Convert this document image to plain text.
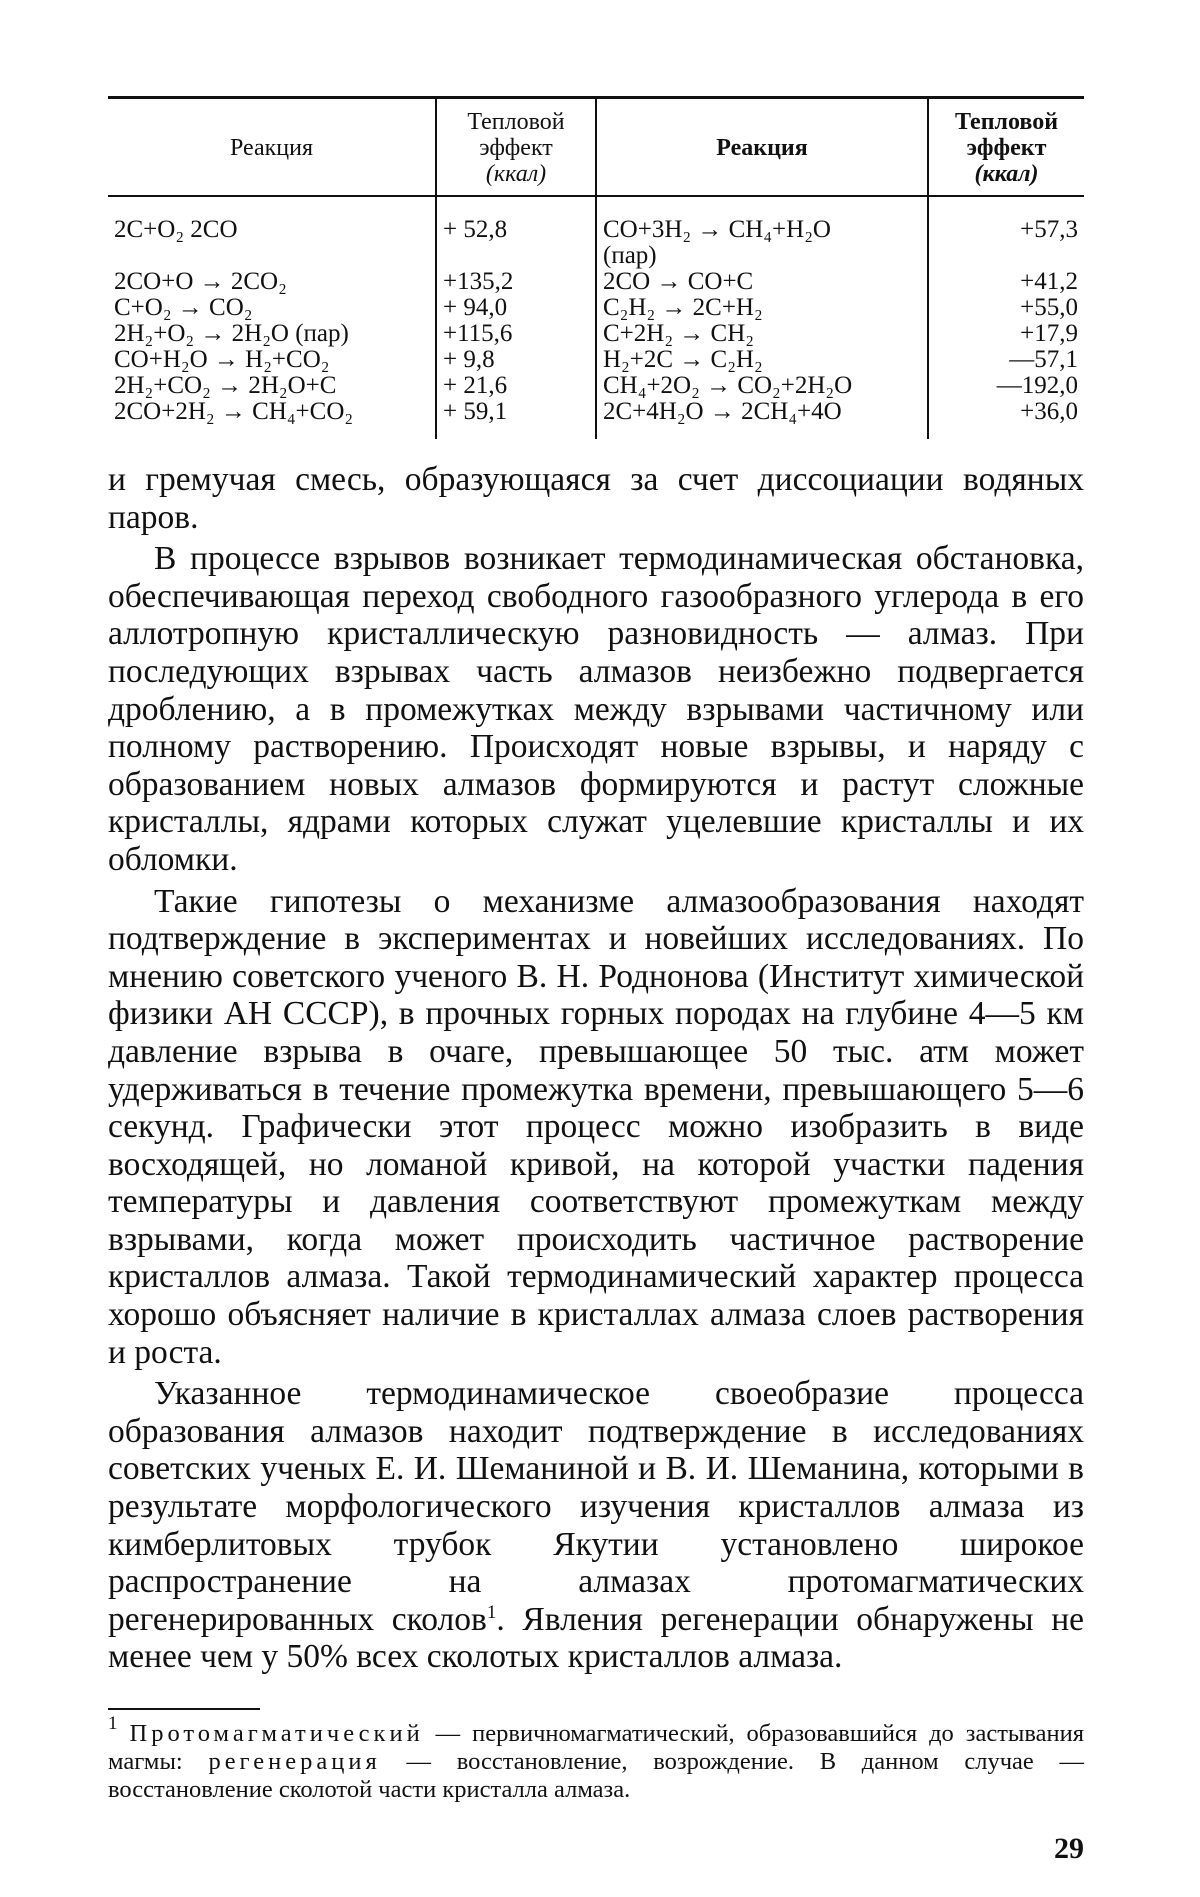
Реакция	Тепловой
эффект
(ккал)	Реакция	Тепловой
эффект
(ккал)
2C+O₂ 2CO	+ 52,8	CO+3H₂ → CH₄+H₂O	+57,3
		(пар)	
2CO+O → 2CO₂	+135,2	2CO → CO+C	+41,2
C+O₂ → CO₂	+ 94,0	C₂H₂ → 2C+H₂	+55,0
2H₂+O₂ → 2H₂O (пар)	+115,6	C+2H₂ → CH₂	+17,9
CO+H₂O → H₂+CO₂	+ 9,8	H₂+2C → C₂H₂	—57,1
2H₂+CO₂ → 2H₂O+C	+ 21,6	CH₄+2O₂ → CO₂+2H₂O	—192,0
2CO+2H₂ → CH₄+CO₂	+ 59,1	2C+4H₂O → 2CH₄+4O	+36,0

и гремучая смесь, образующаяся за счет диссоциации водяных паров.

В процессе взрывов возникает термодинамическая обстановка, обеспечивающая переход свободного газообразного углерода в его аллотропную кристаллическую разновидность — алмаз. При последующих взрывах часть алмазов неизбежно подвергается дроблению, а в промежутках между взрывами частичному или полному растворению. Происходят новые взрывы, и наряду с образованием новых алмазов формируются и растут сложные кристаллы, ядрами которых служат уцелевшие кристаллы и их обломки.

Такие гипотезы о механизме алмазообразования находят подтверждение в экспериментах и новейших исследованиях. По мнению советского ученого В. Н. Роднонова (Институт химической физики АН СССР), в прочных горных породах на глубине 4—5 км давление взрыва в очаге, превышающее 50 тыс. атм может удерживаться в течение промежутка времени, превышающего 5—6 секунд. Графически этот процесс можно изобразить в виде восходящей, но ломаной кривой, на которой участки падения температуры и давления соответствуют промежуткам между взрывами, когда может происходить частичное растворение кристаллов алмаза. Такой термодинамический характер процесса хорошо объясняет наличие в кристаллах алмаза слоев растворения и роста.

Указанное термодинамическое своеобразие процесса образования алмазов находит подтверждение в исследованиях советских ученых Е. И. Шеманиной и В. И. Шеманина, которыми в результате морфологического изучения кристаллов алмаза из кимберлитовых трубок Якутии установлено широкое распространение на алмазах протомагматических регенерированных сколов$^1$. Явления регенерации обнаружены не менее чем у 50% всех сколотых кристаллов алмаза.

$^1$ Протомагматический — первичномагматический, образовавшийся до застывания магмы: регенерация — восстановление, возрождение. В данном случае — восстановление сколотой части кристалла алмаза.
29
